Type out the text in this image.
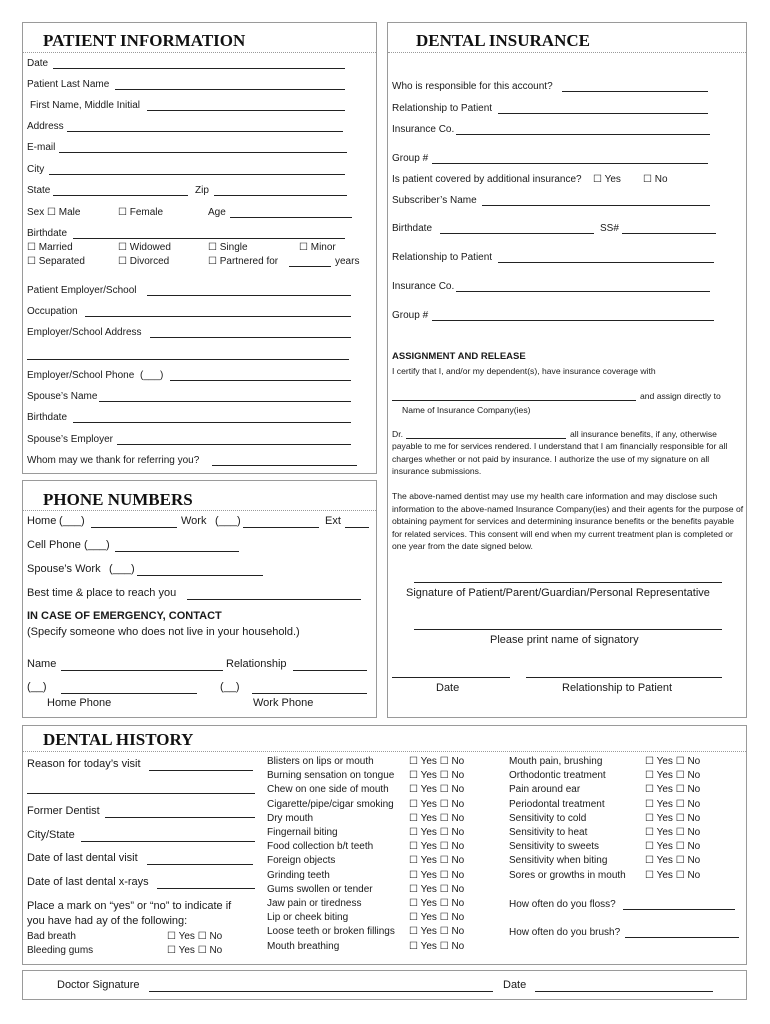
PATIENT INFORMATION
Date
Patient Last Name
First Name, Middle Initial
Address
E-mail
City
State	Zip
Sex ☐ Male	☐ Female	Age
Birthdate
☐ Married	☐ Widowed	☐ Single	☐ Minor
☐ Separated	☐ Divorced	☐ Partnered for	years
Patient Employer/School
Occupation
Employer/School Address
Employer/School Phone (___)
Spouse’s Name
Birthdate
Spouse’s Employer
Whom may we thank for referring you?
PHONE NUMBERS
Home (___)	Work (___)	Ext
Cell Phone (___)
Spouse’s Work (___)
Best time & place to reach you
IN CASE OF EMERGENCY, CONTACT
(Specify someone who does not live in your household.)
Name	Relationship
(__)	(__)
Home Phone	Work Phone
DENTAL INSURANCE
Who is responsible for this account?
Relationship to Patient
Insurance Co.
Group #
Is patient covered by additional insurance? ☐ Yes ☐ No
Subscriber’s Name
Birthdate	SS#
Relationship to Patient
Insurance Co.
Group #
ASSIGNMENT AND RELEASE
I certify that I, and/or my dependent(s), have insurance coverage with
and assign directly to
Name of Insurance Company(ies)
Dr.	all insurance benefits, if any, otherwise
payable to me for services rendered. I understand that I am financially responsible for all charges whether or not paid by insurance. I authorize the use of my signature on all insurance submissions.
The above-named dentist may use my health care information and may disclose such information to the above-named Insurance Company(ies) and their agents for the purpose of obtaining payment for services and determining insurance benefits or the benefits payable for related services. This consent will end when my current treatment plan is completed or one year from the date signed below.
Signature of Patient/Parent/Guardian/Personal Representative
Please print name of signatory
Date	Relationship to Patient
DENTAL HISTORY
Reason for today’s visit
Former Dentist
City/State
Date of last dental visit
Date of last dental x-rays
Place a mark on “yes” or “no” to indicate if
you have had ay of the following:
Bad breath	☐ Yes ☐ No
Bleeding gums	☐ Yes ☐ No
Blisters on lips or mouth	☐ Yes ☐ No
Burning sensation on tongue ☐ Yes ☐ No
Chew on one side of mouth ☐ Yes ☐ No
Cigarette/pipe/cigar smoking ☐ Yes ☐ No
Dry mouth	☐ Yes ☐ No
Fingernail biting	☐ Yes ☐ No
Food collection b/t teeth	☐ Yes ☐ No
Foreign objects	☐ Yes ☐ No
Grinding teeth	☐ Yes ☐ No
Gums swollen or tender	☐ Yes ☐ No
Jaw pain or tiredness	☐ Yes ☐ No
Lip or cheek biting	☐ Yes ☐ No
Loose teeth or broken fillings ☐ Yes ☐ No
Mouth breathing	☐ Yes ☐ No
Mouth pain, brushing	☐ Yes ☐ No
Orthodontic treatment	☐ Yes ☐ No
Pain around ear	☐ Yes ☐ No
Periodontal treatment	☐ Yes ☐ No
Sensitivity to cold	☐ Yes ☐ No
Sensitivity to heat	☐ Yes ☐ No
Sensitivity to sweets	☐ Yes ☐ No
Sensitivity when biting	☐ Yes ☐ No
Sores or growths in mouth ☐ Yes ☐ No
How often do you floss?
How often do you brush?
Doctor Signature	Date
